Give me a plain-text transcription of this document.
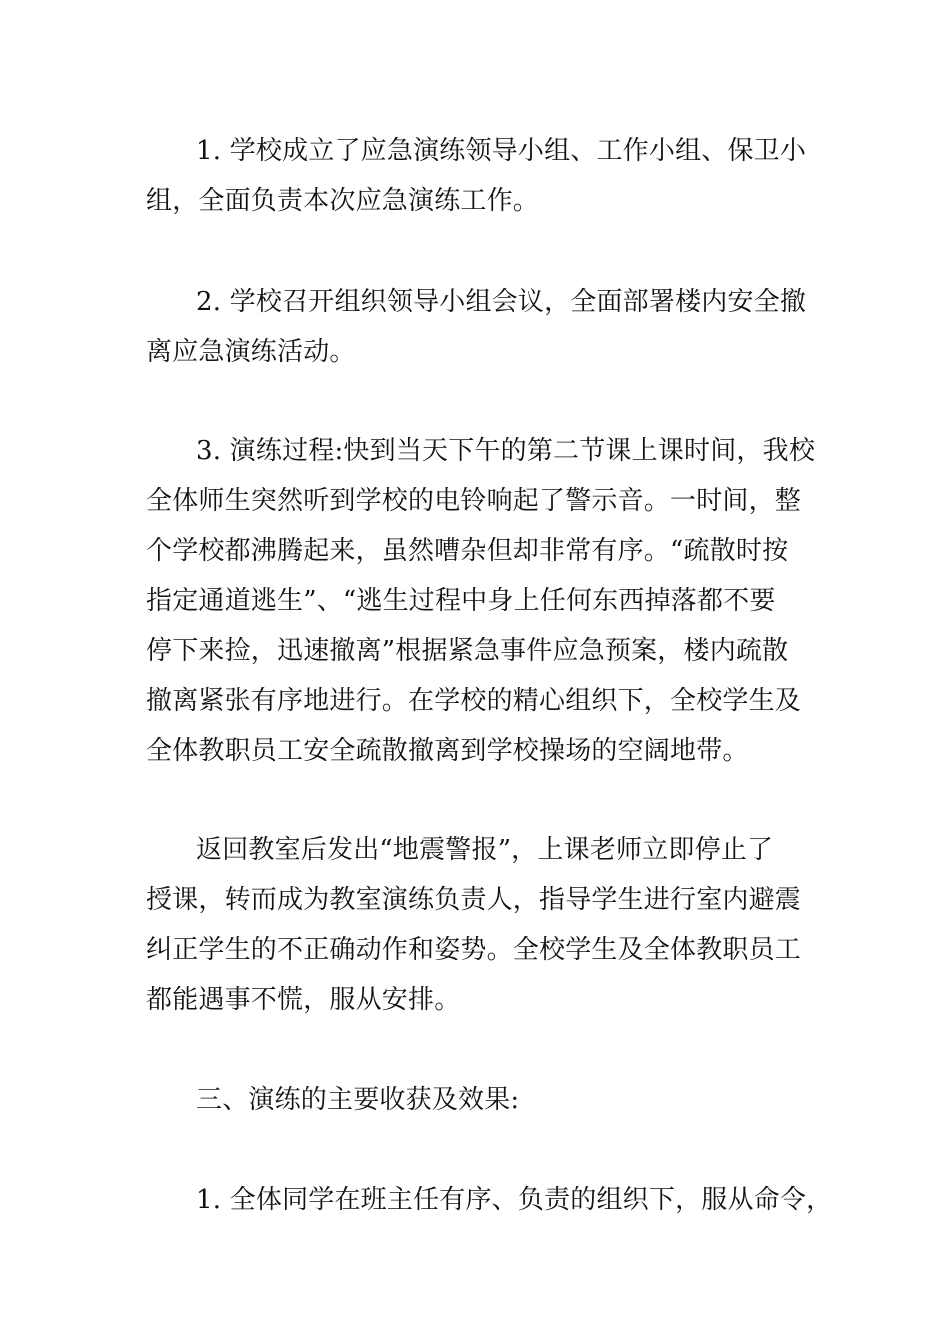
1. 学校成立了应急演练领导小组、工作小组、保卫小
组，全面负责本次应急演练工作。
2. 学校召开组织领导小组会议，全面部署楼内安全撤
离应急演练活动。
3. 演练过程:快到当天下午的第二节课上课时间，我校
全体师生突然听到学校的电铃响起了警示音。一时间，整
个学校都沸腾起来，虽然嘈杂但却非常有序。“疏散时按
指定通道逃生”、“逃生过程中身上任何东西掉落都不要
停下来捡，迅速撤离”根据紧急事件应急预案，楼内疏散
撤离紧张有序地进行。在学校的精心组织下，全校学生及
全体教职员工安全疏散撤离到学校操场的空阔地带。
返回教室后发出“地震警报”，上课老师立即停止了
授课，转而成为教室演练负责人，指导学生进行室内避震
纠正学生的不正确动作和姿势。全校学生及全体教职员工
都能遇事不慌，服从安排。
三、演练的主要收获及效果:
1. 全体同学在班主任有序、负责的组织下，服从命令，
